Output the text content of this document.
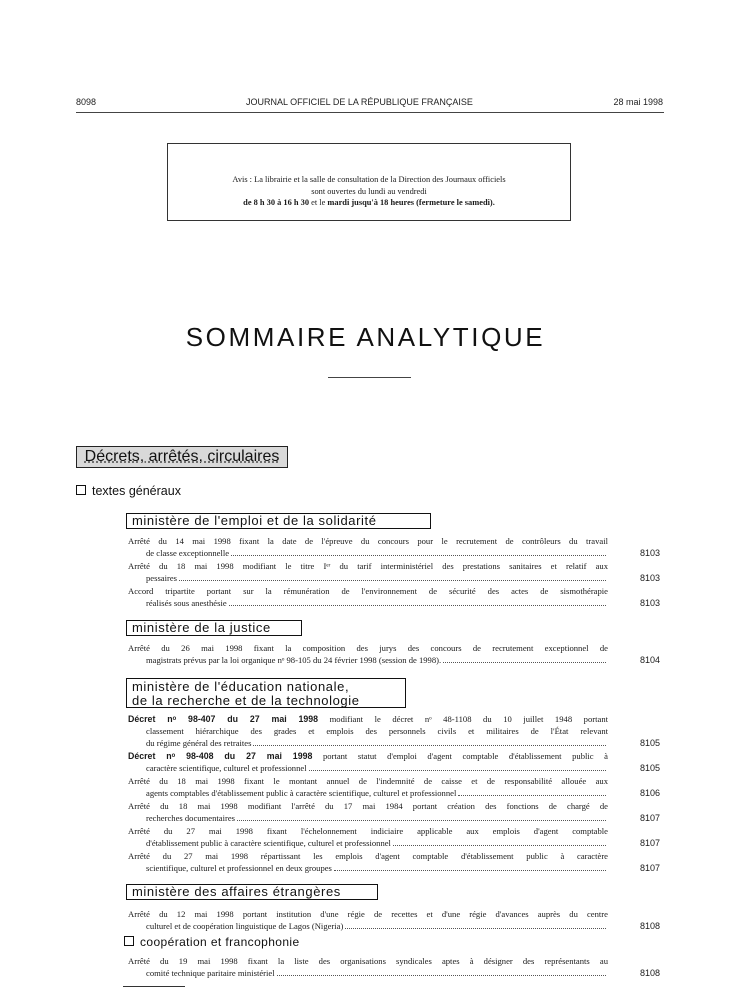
8098	JOURNAL OFFICIEL DE LA RÉPUBLIQUE FRANÇAISE	28 mai 1998
Avis : La librairie et la salle de consultation de la Direction des Journaux officiels
sont ouvertes du lundi au vendredi
de 8 h 30 à 16 h 30 et le mardi jusqu'à 18 heures (fermeture le samedi).
SOMMAIRE ANALYTIQUE
Décrets, arrêtés, circulaires
textes généraux
ministère de l'emploi et de la solidarité
Arrêté du 14 mai 1998 fixant la date de l'épreuve du concours pour le recrutement de contrôleurs du travail
de classe exceptionnelle	8103
Arrêté du 18 mai 1998 modifiant le titre Iᵉʳ du tarif interministériel des prestations sanitaires et relatif aux
pessaires	8103
Accord tripartite portant sur la rémunération de l'environnement de sécurité des actes de sismothérapie
réalisés sous anesthésie	8103
ministère de la justice
Arrêté du 26 mai 1998 fixant la composition des jurys des concours de recrutement exceptionnel de
magistrats prévus par la loi organique nᵒ 98-105 du 24 février 1998 (session de 1998).	8104
ministère de l'éducation nationale,
de la recherche et de la technologie
Décret nᵒ 98-407 du 27 mai 1998 modifiant le décret nᵒ 48-1108 du 10 juillet 1948 portant
classement hiérarchique des grades et emplois des personnels civils et militaires de l'État relevant
du régime général des retraites	8105
Décret nᵒ 98-408 du 27 mai 1998 portant statut d'emploi d'agent comptable d'établissement public à
caractère scientifique, culturel et professionnel	8105
Arrêté du 18 mai 1998 fixant le montant annuel de l'indemnité de caisse et de responsabilité allouée aux
agents comptables d'établissement public à caractère scientifique, culturel et professionnel	8106
Arrêté du 18 mai 1998 modifiant l'arrêté du 17 mai 1984 portant création des fonctions de chargé de
recherches documentaires	8107
Arrêté du 27 mai 1998 fixant l'échelonnement indiciaire applicable aux emplois d'agent comptable
d'établissement public à caractère scientifique, culturel et professionnel	8107
Arrêté du 27 mai 1998 répartissant les emplois d'agent comptable d'établissement public à caractère
scientifique, culturel et professionnel en deux groupes	8107
ministère des affaires étrangères
Arrêté du 12 mai 1998 portant institution d'une régie de recettes et d'une régie d'avances auprès du centre
culturel et de coopération linguistique de Lagos (Nigeria)	8108
coopération et francophonie
Arrêté du 19 mai 1998 fixant la liste des organisations syndicales aptes à désigner des représentants au
comité technique paritaire ministériel	8108
